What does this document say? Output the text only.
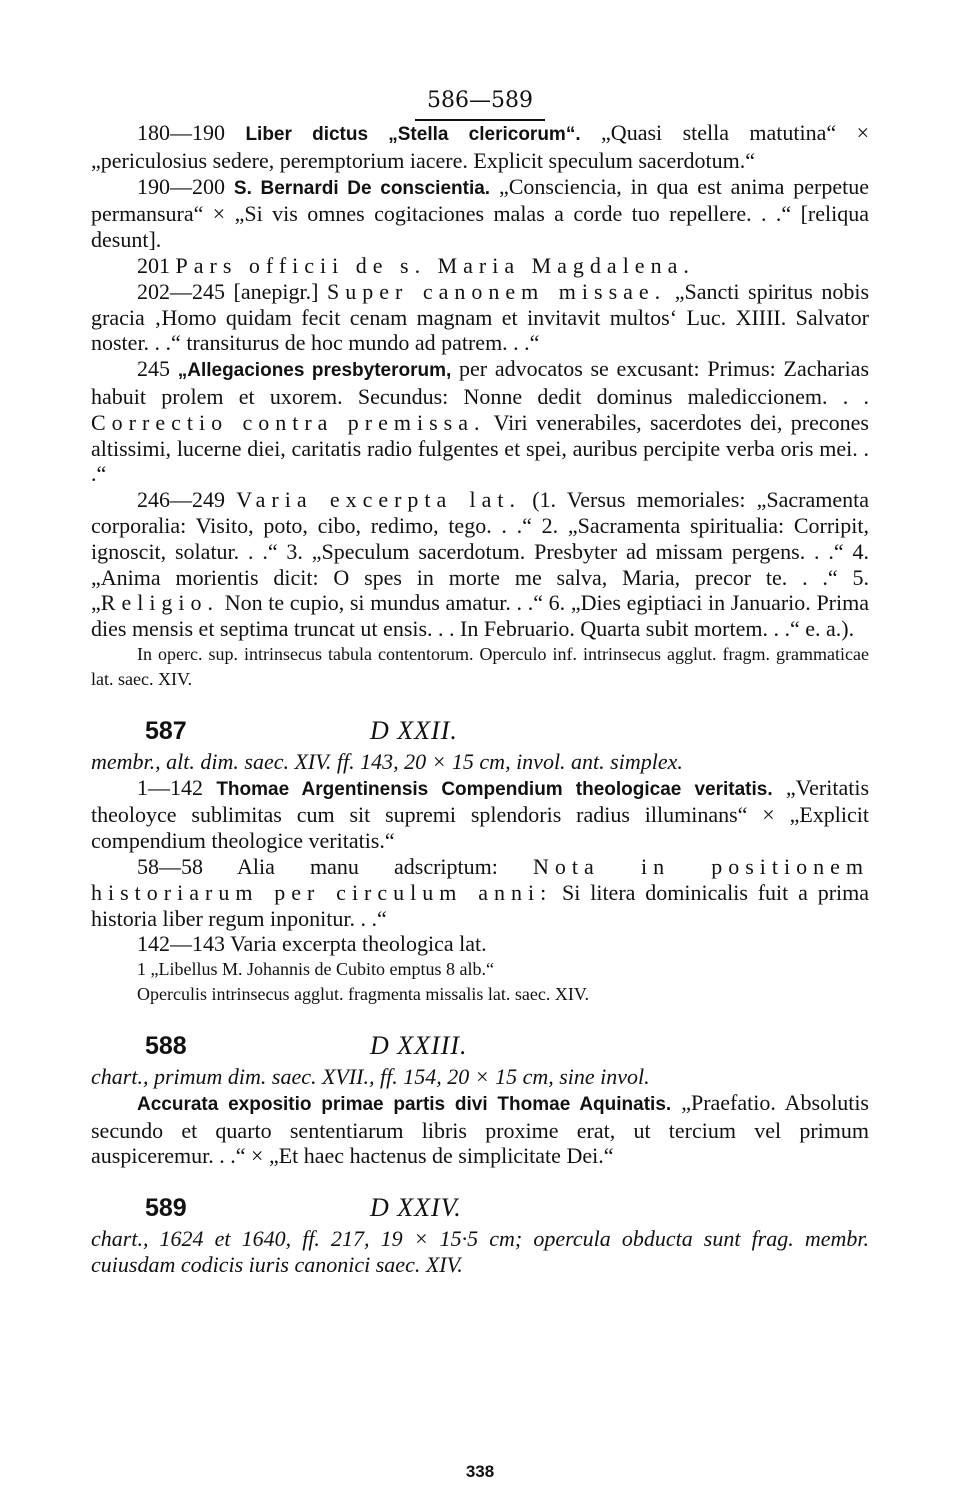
586—589

180—190 Liber dictus „Stella clericorum“. „Quasi stella matutina“ × „periculosius sedere, peremptorium iacere. Explicit speculum sacerdotum.“

190—200 S. Bernardi De conscientia. „Consciencia, in qua est anima perpetue permansura“ × „Si vis omnes cogitaciones malas a corde tuo repellere. . .“ [reliqua desunt].

201 Pars officii de s. Maria Magdalena.

202—245 [anepigr.] Super canonem missae. „Sancti spiritus nobis gracia ‚Homo quidam fecit cenam magnam et invitavit multos‘ Luc. XIIII. Salvator noster. . .“ transiturus de hoc mundo ad patrem. . .“

245 „Allegaciones presbyterorum, per advocatos se excusant: Primus: Zacharias habuit prolem et uxorem. Secundus: Nonne dedit dominus malediccionem. . . Correctio contra premissa. Viri venerabiles, sacerdotes dei, precones altissimi, lucerne diei, caritatis radio fulgentes et spei, auribus percipite verba oris mei. . .“

246—249 Varia excerpta lat. (1. Versus memoriales: „Sacramenta corporalia: Visito, poto, cibo, redimo, tego. . .“ 2. „Sacramenta spiritualia: Corripit, ignoscit, solatur. . .“ 3. „Speculum sacerdotum. Presbyter ad missam pergens. . .“ 4. „Anima morientis dicit: O spes in morte me salva, Maria, precor te. . .“ 5. „Religio. Non te cupio, si mundus amatur. . .“ 6. „Dies egiptiaci in Januario. Prima dies mensis et septima truncat ut ensis. . . In Februario. Quarta subit mortem. . .“ e. a.).

In operc. sup. intrinsecus tabula contentorum. Operculo inf. intrinsecus agglut. fragm. grammaticae lat. saec. XIV.

587	D XXII.

membr., alt. dim. saec. XIV. ff. 143, 20 × 15 cm, invol. ant. simplex.

1—142 Thomae Argentinensis Compendium theologicae veritatis. „Veritatis theoloyce sublimitas cum sit supremi splendoris radius illuminans“ × „Explicit compendium theologice veritatis.“

58—58 Alia manu adscriptum: Nota in positionem historiarum per circulum anni: Si litera dominicalis fuit a prima historia liber regum inponitur. . .“

142—143 Varia excerpta theologica lat.

1 „Libellus M. Johannis de Cubito emptus 8 alb.“

Operculis intrinsecus agglut. fragmenta missalis lat. saec. XIV.

588	D XXIII.

chart., primum dim. saec. XVII., ff. 154, 20 × 15 cm, sine invol.

Accurata expositio primae partis divi Thomae Aquinatis. „Praefatio. Absolutis secundo et quarto sententiarum libris proxime erat, ut tercium vel primum auspiceremur. . .“ × „Et haec hactenus de simplicitate Dei.“

589	D XXIV.

chart., 1624 et 1640, ff. 217, 19 × 15·5 cm; opercula obducta sunt frag. membr. cuiusdam codicis iuris canonici saec. XIV.

338
